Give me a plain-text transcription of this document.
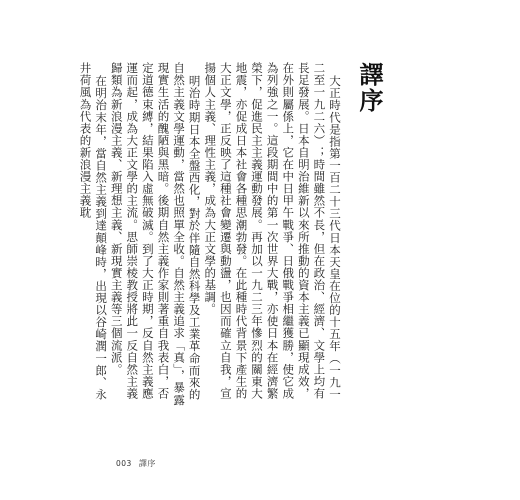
譯序

大正時代是指第一百二十三代日本天皇在位的十五年（一九一二至一九二六）；時間雖然不長，但在政治、經濟、文學上均有長足發展。日本自明治維新以來所推動的資本主義已顯現成效，在外則屬係上，它在中日甲午戰爭、日俄戰爭相繼獲勝，使它成為列強之一。這段期間中的第一次世界大戰，亦使日本在經濟繁榮下，促進民主主義運動發展。再加以一九二三年慘烈的關東大地震，亦促成日本社會各種思潮勃發。在此種時代背景下產生的大正文學，正反映了這種社會變遷與動盪，也因而確立自我，宣揚個人主義、理性主義，成為大正文學的基調。

明治時期日本全盤西化，對於伴隨自然科學及工業革命而來的自然主義文學運動，當然也照單全收。自然主義追求「真」，暴露現實生活的醜陋與黑暗。後期自然主義作家則著重自我表白，否定道德束縛，結果陷入虛無破滅。到了大正時期，反自然主義應運而起，成為大正文學的主流。思師崇棱教授將此一反自然主義歸類為新浪漫主義、新理想主義、新現實主義等三個流派。

在明治末年，當自然主義到達顛峰時，出現以谷崎潤一郎、永井荷風為代表的新浪漫主義耽

003 譯序
